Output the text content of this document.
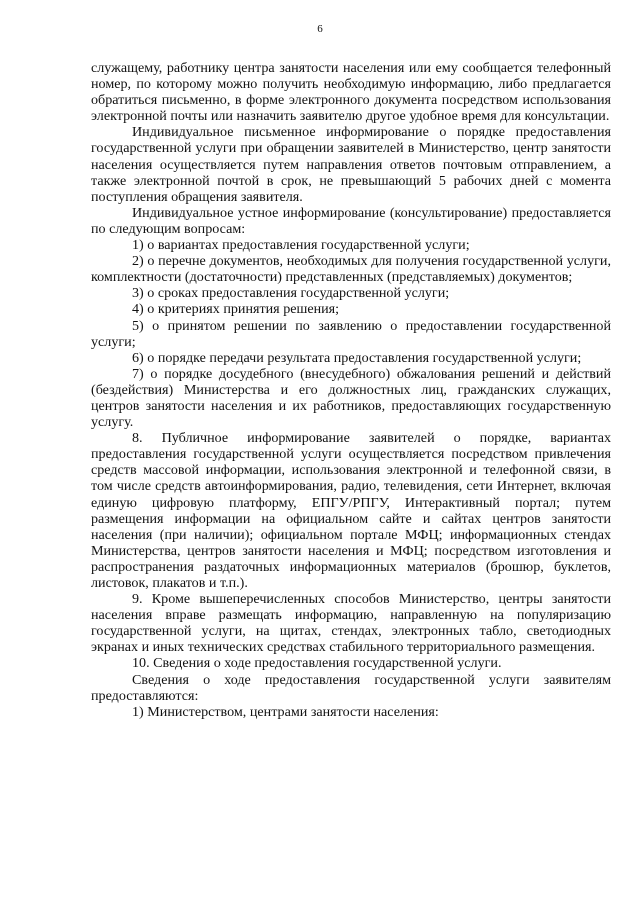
6

служащему, работнику центра занятости населения или ему сообщается телефонный номер, по которому можно получить необходимую информацию, либо предлагается обратиться письменно, в форме электронного документа посредством использования электронной почты или назначить заявителю другое удобное время для консультации.

Индивидуальное письменное информирование о порядке предоставления государственной услуги при обращении заявителей в Министерство, центр занятости населения осуществляется путем направления ответов почтовым отправлением, а также электронной почтой в срок, не превышающий 5 рабочих дней с момента поступления обращения заявителя.

Индивидуальное устное информирование (консультирование) предоставляется по следующим вопросам:

1) о вариантах предоставления государственной услуги;

2) о перечне документов, необходимых для получения государственной услуги, комплектности (достаточности) представленных (представляемых) документов;

3) о сроках предоставления государственной услуги;

4) о критериях принятия решения;

5) о принятом решении по заявлению о предоставлении государственной услуги;

6) о порядке передачи результата предоставления государственной услуги;

7) о порядке досудебного (внесудебного) обжалования решений и действий (бездействия) Министерства и его должностных лиц, гражданских служащих, центров занятости населения и их работников, предоставляющих государственную услугу.

8. Публичное информирование заявителей о порядке, вариантах предоставления государственной услуги осуществляется посредством привлечения средств массовой информации, использования электронной и телефонной связи, в том числе средств автоинформирования, радио, телевидения, сети Интернет, включая единую цифровую платформу, ЕПГУ/РПГУ, Интерактивный портал; путем размещения информации на официальном сайте и сайтах центров занятости населения (при наличии); официальном портале МФЦ; информационных стендах Министерства, центров занятости населения и МФЦ; посредством изготовления и распространения раздаточных информационных материалов (брошюр, буклетов, листовок, плакатов и т.п.).

9. Кроме вышеперечисленных способов Министерство, центры занятости населения вправе размещать информацию, направленную на популяризацию государственной услуги, на щитах, стендах, электронных табло, светодиодных экранах и иных технических средствах стабильного территориального размещения.

10. Сведения о ходе предоставления государственной услуги.

Сведения о ходе предоставления государственной услуги заявителям предоставляются:

1) Министерством, центрами занятости населения:
